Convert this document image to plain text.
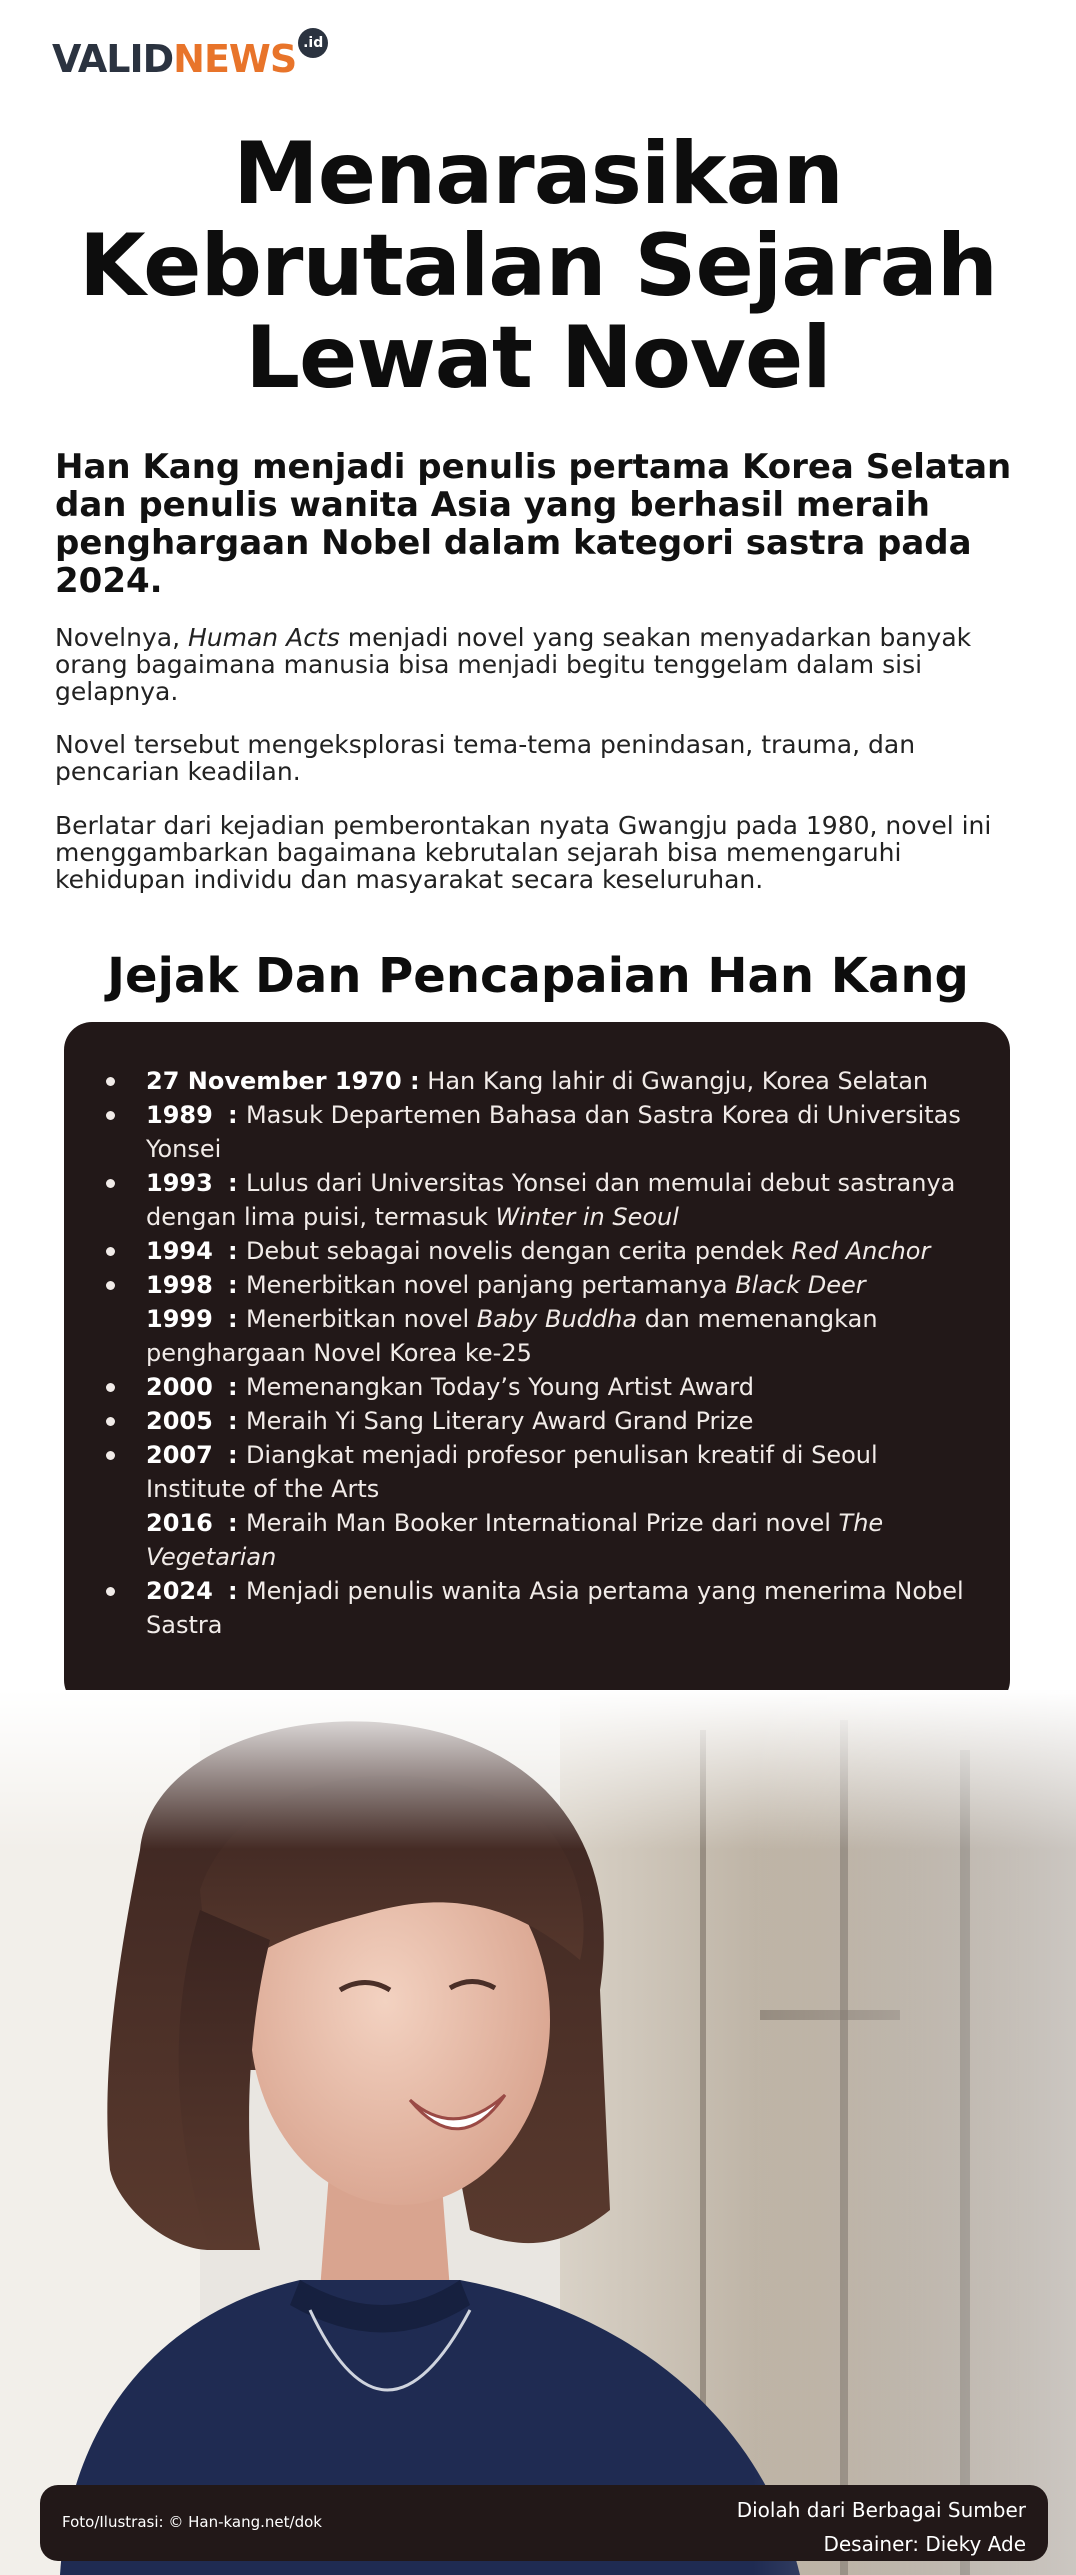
VALIDNEWS .id
Menarasikan
Kebrutalan Sejarah
Lewat Novel

Han Kang menjadi penulis pertama Korea Selatan dan penulis wanita Asia yang berhasil meraih penghargaan Nobel dalam kategori sastra pada 2024.

Novelnya, Human Acts menjadi novel yang seakan menyadarkan banyak orang bagaimana manusia bisa menjadi begitu tenggelam dalam sisi gelapnya.

Novel tersebut mengeksplorasi tema-tema penindasan, trauma, dan pencarian keadilan.

Berlatar dari kejadian pemberontakan nyata Gwangju pada 1980, novel ini menggambarkan bagaimana kebrutalan sejarah bisa memengaruhi kehidupan individu dan masyarakat secara keseluruhan.

Jejak Dan Pencapaian Han Kang
27 November 1970 : Han Kang lahir di Gwangju, Korea Selatan
1989 : Masuk Departemen Bahasa dan Sastra Korea di Universitas Yonsei
1993 : Lulus dari Universitas Yonsei dan memulai debut sastranya dengan lima puisi, termasuk Winter in Seoul
1994 : Debut sebagai novelis dengan cerita pendek Red Anchor
1998 : Menerbitkan novel panjang pertamanya Black Deer
1999 : Menerbitkan novel Baby Buddha dan memenangkan penghargaan Novel Korea ke-25
2000 : Memenangkan Today’s Young Artist Award
2005 : Meraih Yi Sang Literary Award Grand Prize
2007 : Diangkat menjadi profesor penulisan kreatif di Seoul Institute of the Arts
2016 : Meraih Man Booker International Prize dari novel The Vegetarian
2024 : Menjadi penulis wanita Asia pertama yang menerima Nobel Sastra
Foto/Ilustrasi: © Han-kang.net/dok	Diolah dari Berbagai Sumber
Desainer: Dieky Ade
